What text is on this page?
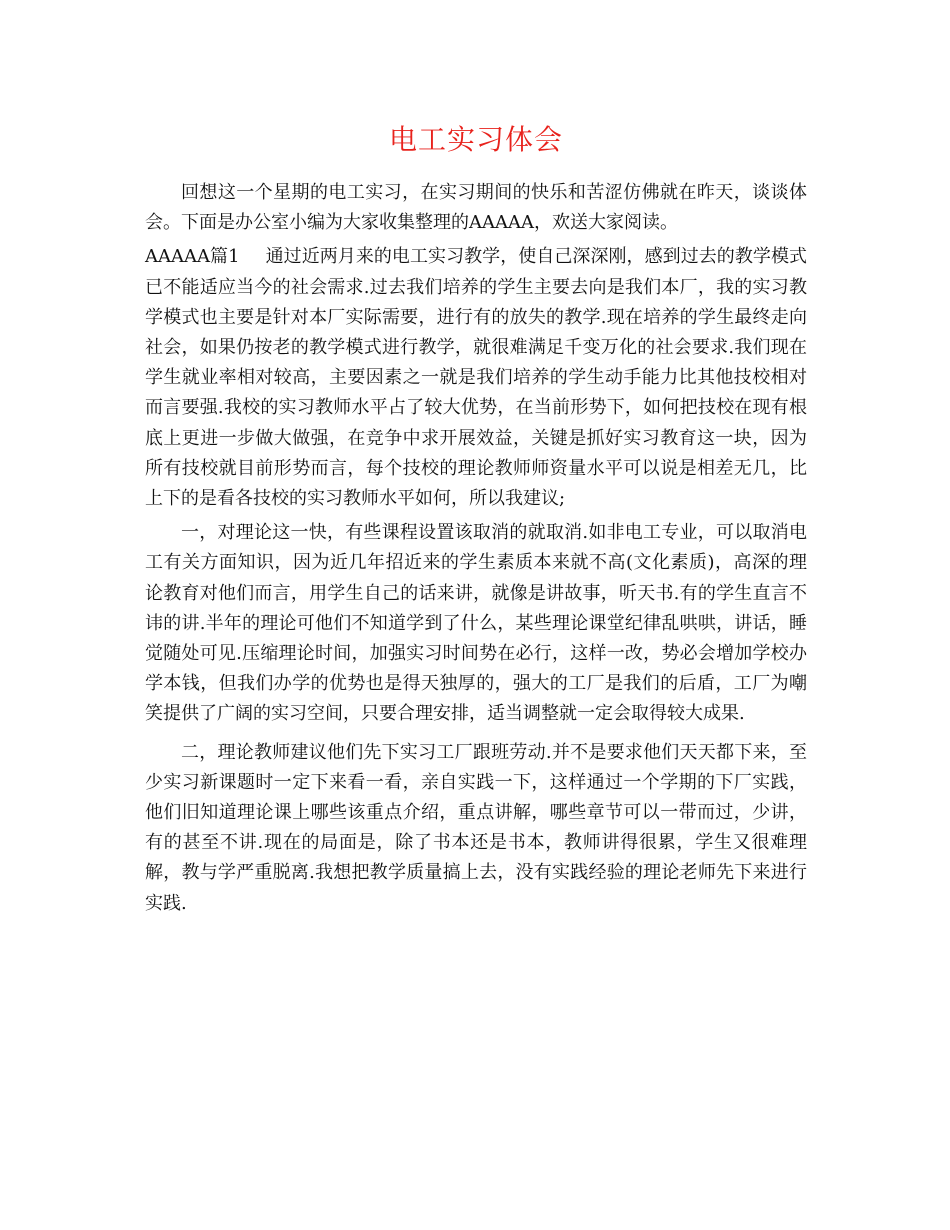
电工实习体会

回想这一个星期的电工实习，在实习期间的快乐和苦涩仿佛就在昨天，谈谈体会。下面是办公室小编为大家收集整理的AAAAA，欢送大家阅读。

AAAAA篇1 通过近两月来的电工实习教学，使自己深深刚，感到过去的教学模式已不能适应当今的社会需求.过去我们培养的学生主要去向是我们本厂，我的实习教学模式也主要是针对本厂实际需要，进行有的放失的教学.现在培养的学生最终走向社会，如果仍按老的教学模式进行教学，就很难满足千变万化的社会要求.我们现在学生就业率相对较高，主要因素之一就是我们培养的学生动手能力比其他技校相对而言要强.我校的实习教师水平占了较大优势，在当前形势下，如何把技校在现有根底上更进一步做大做强，在竞争中求开展效益，关键是抓好实习教育这一块，因为所有技校就目前形势而言，每个技校的理论教师师资量水平可以说是相差无几，比上下的是看各技校的实习教师水平如何，所以我建议;

一，对理论这一快，有些课程设置该取消的就取消.如非电工专业，可以取消电工有关方面知识，因为近几年招近来的学生素质本来就不高(文化素质)，高深的理论教育对他们而言，用学生自己的话来讲，就像是讲故事，听天书.有的学生直言不讳的讲.半年的理论可他们不知道学到了什么，某些理论课堂纪律乱哄哄，讲话，睡觉随处可见.压缩理论时间，加强实习时间势在必行，这样一改，势必会增加学校办学本钱，但我们办学的优势也是得天独厚的，强大的工厂是我们的后盾，工厂为嘲笑提供了广阔的实习空间，只要合理安排，适当调整就一定会取得较大成果.

二，理论教师建议他们先下实习工厂跟班劳动.并不是要求他们天天都下来，至少实习新课题时一定下来看一看，亲自实践一下，这样通过一个学期的下厂实践，他们旧知道理论课上哪些该重点介绍，重点讲解，哪些章节可以一带而过，少讲，有的甚至不讲.现在的局面是，除了书本还是书本，教师讲得很累，学生又很难理解，教与学严重脱离.我想把教学质量搞上去，没有实践经验的理论老师先下来进行实践.
